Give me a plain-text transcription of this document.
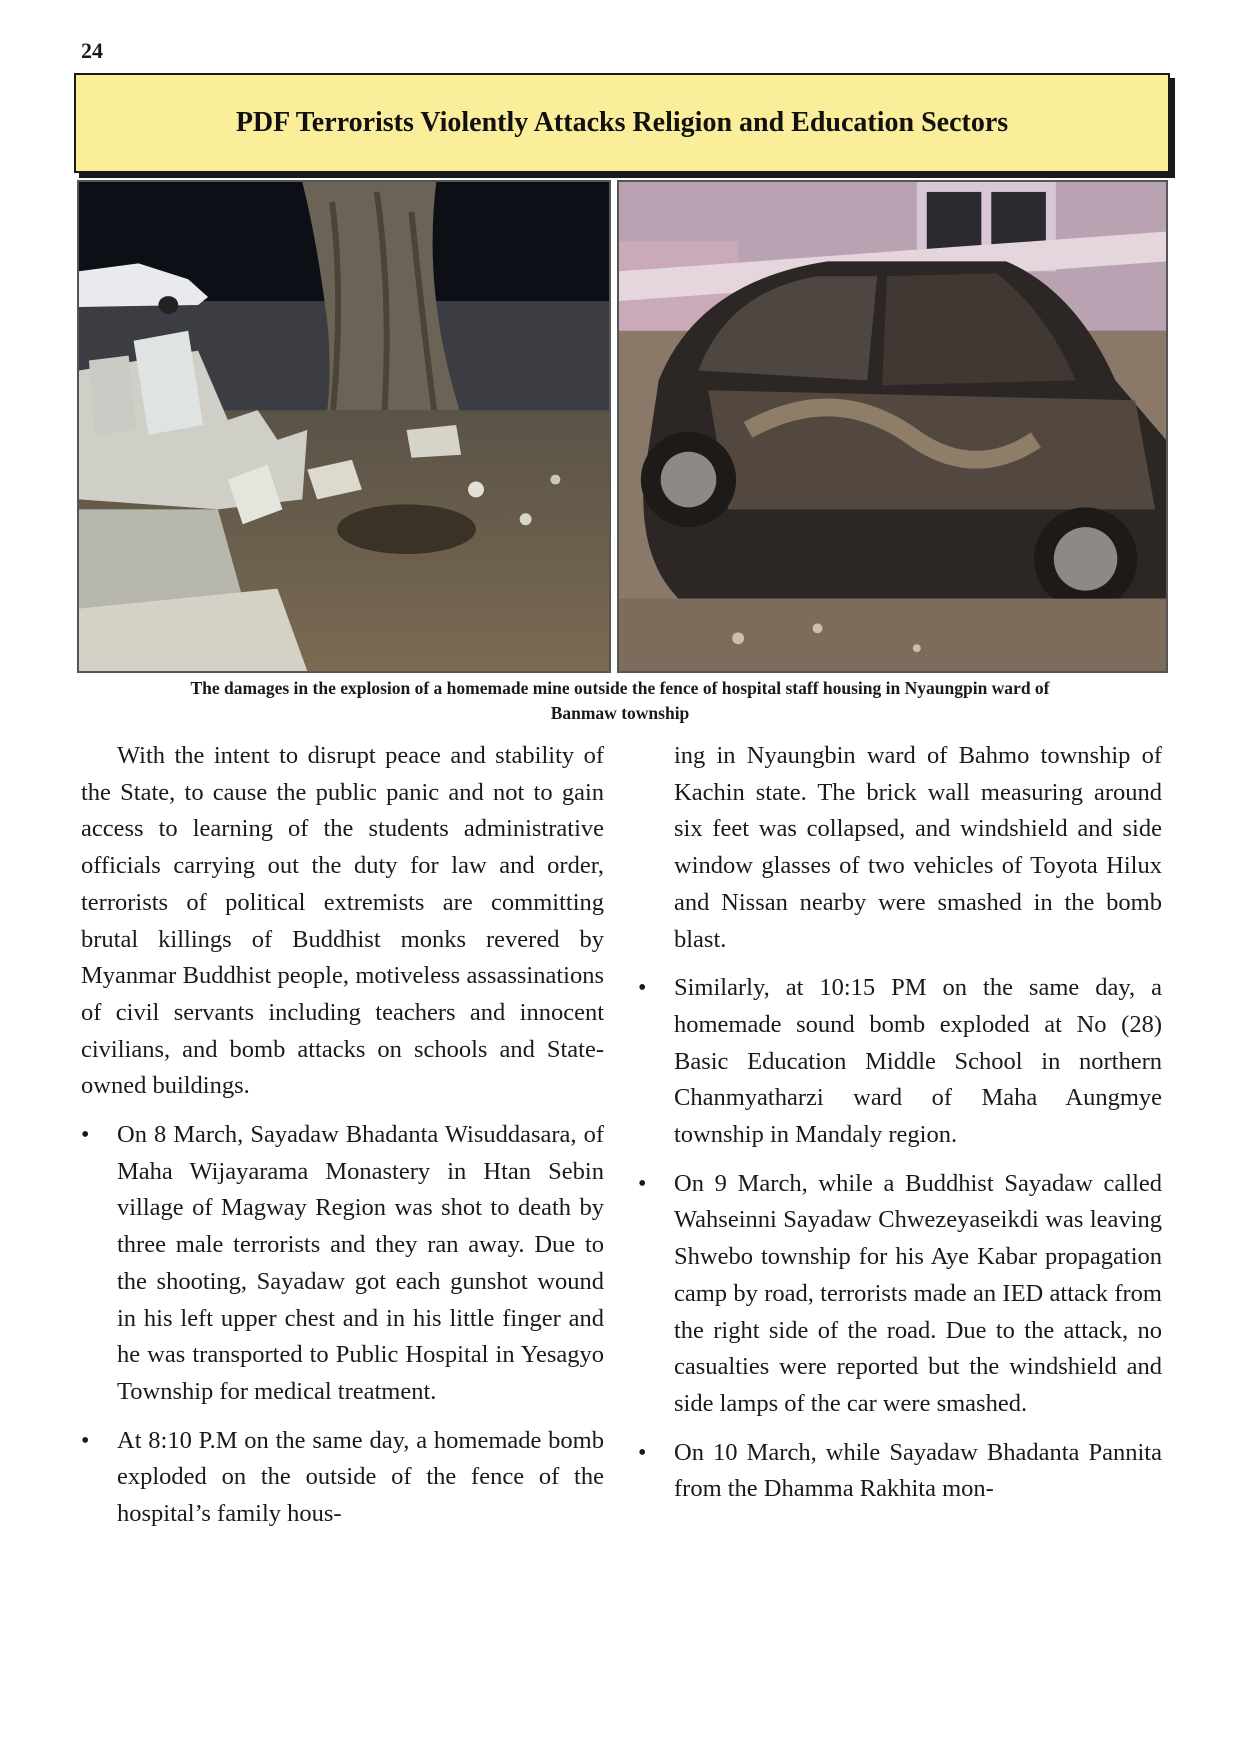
24
PDF Terrorists Violently Attacks Religion and Education Sectors
The damages in the explosion of a homemade mine outside the fence of hospital staff housing in Nyaungpin ward of
Banmaw township

With the intent to disrupt peace and stability of the State, to cause the public panic and not to gain access to learning of the students administrative officials carrying out the duty for law and order, terrorists of political extremists are committing brutal killings of Buddhist monks revered by Myanmar Buddhist people, motiveless assassinations of civil servants including teachers and innocent civilians, and bomb attacks on schools and State-owned buildings.

• On 8 March, Sayadaw Bhadanta Wisuddasara, of Maha Wijayarama Monastery in Htan Sebin village of Magway Region was shot to death by three male terrorists and they ran away. Due to the shooting, Sayadaw got each gunshot wound in his left upper chest and in his little finger and he was transported to Public Hospital in Yesagyo Township for medical treatment.
• At 8:10 P.M on the same day, a homemade bomb exploded on the outside of the fence of the hospital’s family hous-

ing in Nyaungbin ward of Bahmo township of Kachin state. The brick wall measuring around six feet was collapsed, and windshield and side window glasses of two vehicles of Toyota Hilux and Nissan nearby were smashed in the bomb blast.

• Similarly, at 10:15 PM on the same day, a homemade sound bomb exploded at No (28) Basic Education Middle School in northern Chanmyatharzi ward of Maha Aungmye township in Mandaly region.
• On 9 March, while a Buddhist Sayadaw called Wahseinni Sayadaw Chwezeyaseikdi was leaving Shwebo township for his Aye Kabar propagation camp by road, terrorists made an IED attack from the right side of the road. Due to the attack, no casualties were reported but the windshield and side lamps of the car were smashed.
• On 10 March, while Sayadaw Bhadanta Pannita from the Dhamma Rakhita mon-
